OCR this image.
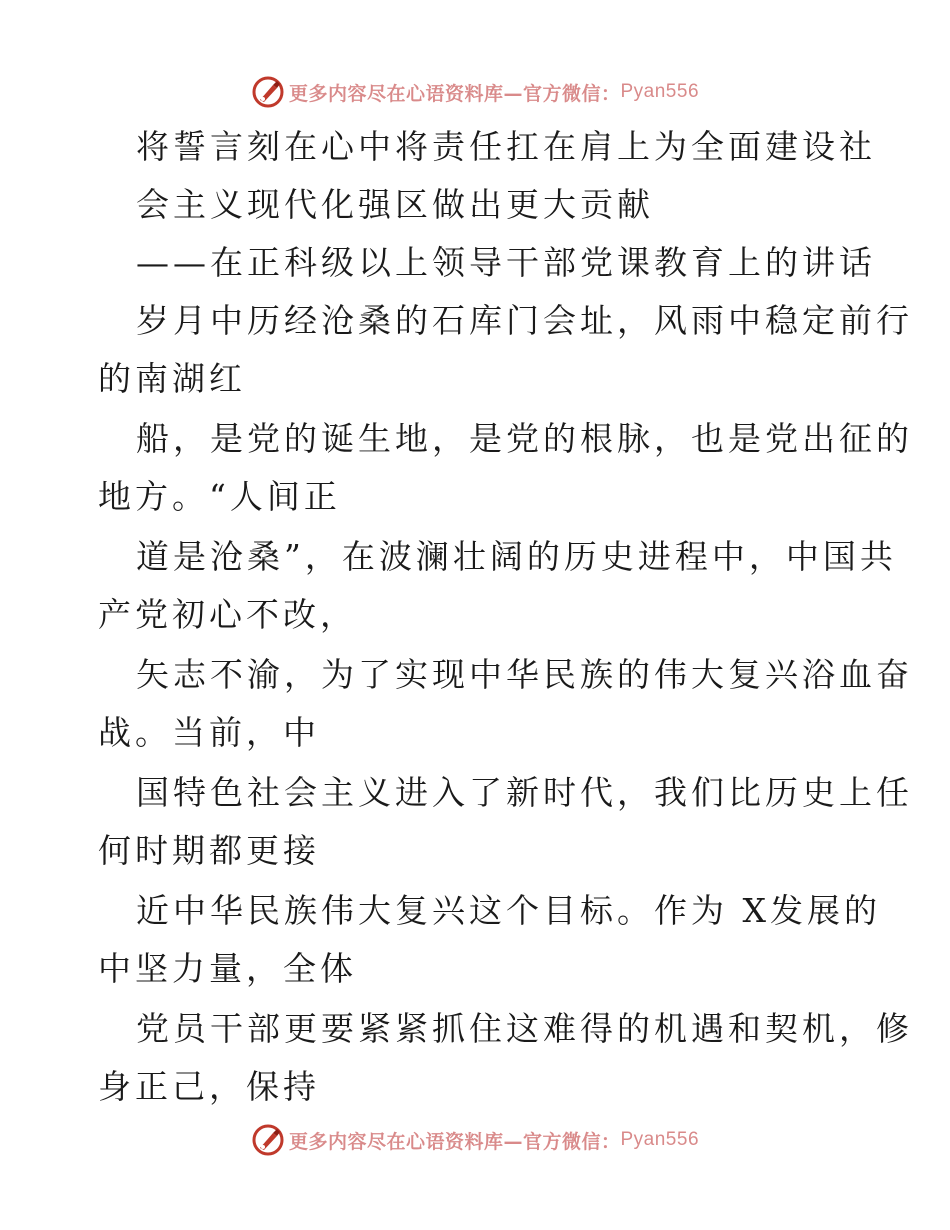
更多内容尽在心语资料库—官方微信： Pyan556
将誓言刻在心中将责任扛在肩上为全面建设社
会主义现代化强区做出更大贡献
——在正科级以上领导干部党课教育上的讲话
岁月中历经沧桑的石库门会址，风雨中稳定前行
的南湖红
船，是党的诞生地，是党的根脉，也是党出征的
地方。“人间正
道是沧桑”，在波澜壮阔的历史进程中，中国共
产党初心不改，
矢志不渝，为了实现中华民族的伟大复兴浴血奋
战。当前，中
国特色社会主义进入了新时代，我们比历史上任
何时期都更接
近中华民族伟大复兴这个目标。作为 X发展的
中坚力量，全体
党员干部更要紧紧抓住这难得的机遇和契机，修
身正己，保持
更多内容尽在心语资料库—官方微信： Pyan556
